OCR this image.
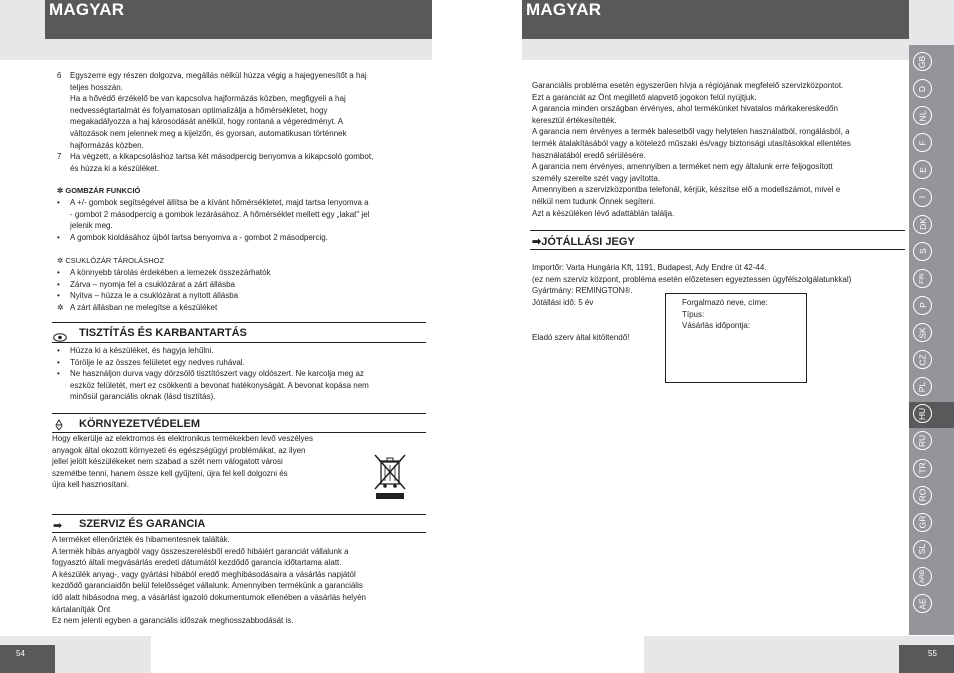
MAGYAR
6 Egyszerre egy részen dolgozva, megállás nélkül húzza végig a hajegyenesítőt a haj
teljes hosszán.
Ha a hővédő érzékelő be van kapcsolva hajformázás közben, megfigyeli a haj
nedvességtartalmát és folyamatosan optimalizálja a hőmérsékletet, hogy
megakadályozza a haj károsodását anélkül, hogy rontaná a végeredményt. A
változások nem jelennek meg a kijelzőn, és gyorsan, automatikusan történnek
hajformázás közben.
7 Ha végzett, a kikapcsoláshoz tartsa két másodpercig benyomva a kikapcsoló gombot,
és húzza ki a készüléket.
✲ GOMBZÁR FUNKCIÓ
• A +/- gombok segítségével állítsa be a kívánt hőmérsékletet, majd tartsa lenyomva a
- gombot 2 másodpercig a gombok lezárásához. A hőmérséklet mellett egy „lakat" jel
jelenik meg.
• A gombok kioldásához újból tartsa benyomva a - gombot 2 másodpercig.
✲ CSUKLÓZÁR TÁROLÁSHOZ
• A könnyebb tárolás érdekében a lemezek összezárhatók
• Zárva – nyomja fel a csuklózárat a zárt állásba
• Nyitva – húzza le a csuklózárat a nyitott állásba
✲ A zárt állásban ne melegítse a készüléket
TISZTÍTÁS ÉS KARBANTARTÁS
• Húzza ki a készüléket, és hagyja lehűlni.
• Törölje le az összes felületet egy nedves ruhával.
• Ne használjon durva vagy dörzsölő tisztítószert vagy oldószert. Ne karcolja meg az
eszköz felületét, mert ez csökkenti a bevonat hatékonyságát. A bevonat kopása nem
minősül garanciális oknak (lásd tisztítás).
KÖRNYEZETVÉDELEM
Hogy elkerülje az elektromos és elektronikus termékekben levő veszélyes
anyagok által okozott környezeti és egészségügyi problémákat, az ilyen
jellel jelölt készülékeket nem szabad a szét nem válogatott városi
szemétbe tenni, hanem össze kell gyűjteni, újra fel kell dolgozni és
újra kell hasznosítani.
➡ SZERVIZ ÉS GARANCIA
A terméket ellenőrizték és hibamentesnek találták.
A termék hibás anyagból vagy összeszerelésből eredő hibáiért garanciát vállalunk a
fogyasztó általi megvásárlás eredeti dátumától kezdődő garancia időtartama alatt.
A készülék anyag-, vagy gyártási hibából eredő meghibásodásaira a vásárlás napjától
kezdődő garanciaidőn belül felelősséget vállalunk. Amennyiben termékünk a garanciális
idő alatt hibásodna meg, a vásárlást igazoló dokumentumok ellenében a vásárlás helyén
kártalanítják Önt
Ez nem jelenti egyben a garanciális időszak meghosszabbodását is.
54
MAGYAR
Garanciális probléma esetén egyszerűen hívja a régiójának megfelelő szervizközpontot.
Ezt a garanciát az Önt megillető alapvető jogokon felül nyújtjuk.
A garancia minden országban érvényes, ahol termékünket hivatalos márkakereskedőn
keresztül értékesítették.
A garancia nem érvényes a termék balesetből vagy helytelen használatból, rongálásból, a
termék átalakításából vagy a kötelező műszaki és/vagy biztonsági utasításokkal ellentétes
használatából eredő sérülésére.
A garancia nem érvényes, amennyiben a terméket nem egy általunk erre feljogosított
személy szerelte szét vagy javította.
Amennyiben a szervizközpontba telefonál, kérjük, készítse elő a modellszámot, mivel e
nélkül nem tudunk Önnek segíteni.
Azt a készüléken lévő adattáblán találja.
➡JÓTÁLLÁSI JEGY
Importőr: Varta Hungária Kft, 1191, Budapest, Ady Endre út 42-44.
(ez nem szerviz központ, probléma esetén előzetesen egyeztessen ügyfélszolgálatunkkal)
Gyártmány: REMINGTON®.
Jótállási idő: 5 év
Eladó szerv által kitöltendő!
Forgalmazó neve, címe:
Típus:
Vásárlás időpontja:
55
GB
D
NL
F
E
I
DK
S
FIN
P
SK
CZ
PL
HU
RU
TR
RO
GR
SL
ARB
AE
